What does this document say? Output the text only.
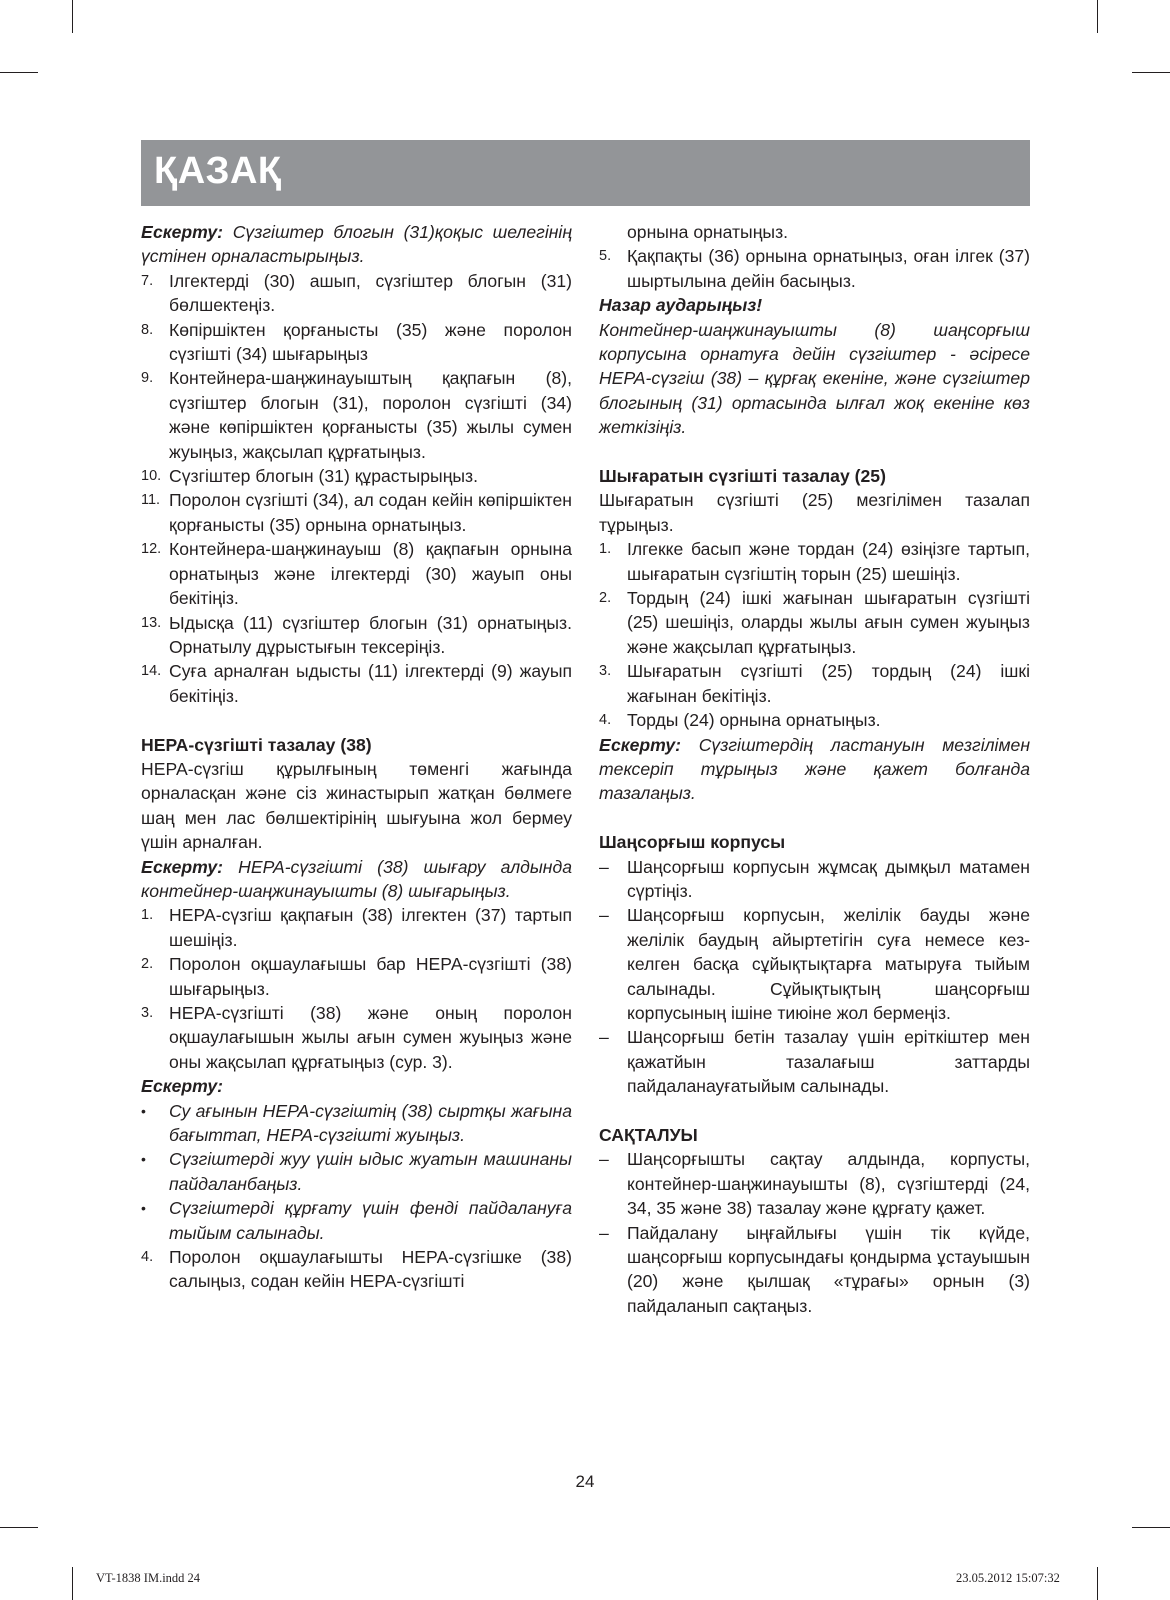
ҚАЗАҚ
Ескерту: Сүзгіштер блогын (31)қоқыс шелегінің үстінен орналастырыңыз.
7. Ілгектерді (30) ашып, сүзгіштер блогын (31) бөлшектеңіз.
8. Көпіршіктен қорғанысты (35) және поролон сүзгішті (34) шығарыңыз
9. Контейнера-шаңжинауыштың қақпағын (8), сүзгіштер блогын (31), поролон сүзгішті (34) және көпіршіктен қорғанысты (35) жылы сумен жуыңыз, жақсылап құрғатыңыз.
10. Сүзгіштер блогын (31) құрастырыңыз.
11. Поролон сүзгішті (34), ал содан кейін көпіршіктен қорғанысты (35) орнына орнатыңыз.
12. Контейнера-шаңжинауыш (8) қақпағын орнына орнатыңыз және ілгектерді (30) жауып оны бекітіңіз.
13. Ыдысқа (11) сүзгіштер блогын (31) орнатыңыз. Орнатылу дұрыстығын тексеріңіз.
14. Суға арналған ыдысты (11) ілгектерді (9) жауып бекітіңіз.
НЕРА-сүзгішті тазалау (38)
НЕРА-сүзгіш құрылғының төменгі жағында орналасқан және сіз жинастырып жатқан бөлмеге шаң мен лас бөлшектірінің шығуына жол бермеу үшін арналған.
Ескерту: НЕРА-сүзгішті (38) шығару алдында контейнер-шаңжинауышты (8) шығарыңыз.
1. НЕРА-сүзгіш қақпағын (38) ілгектен (37) тартып шешіңіз.
2. Поролон оқшаулағышы бар НЕРА-сүзгішті (38) шығарыңыз.
3. НЕРА-сүзгішті (38) және оның поролон оқшаулағышын жылы ағын сумен жуыңыз және оны жақсылап құрғатыңыз (сур. 3).
Ескерту:
•	Су ағынын НЕРА-сүзгіштің (38) сыртқы жағына бағыттап, НЕРА-сүзгішті жуыңыз.
•	Сүзгіштерді жуу үшін ыдыс жуатын машинаны пайдаланбаңыз.
•	Сүзгіштерді құрғату үшін фенді пайдалануға тыйым салынады.
4. Поролон оқшаулағышты НЕРА-сүзгішке (38) салыңыз, содан кейін НЕРА-сүзгішті
орнына орнатыңыз.
5. Қақпақты (36) орнына орнатыңыз, оған ілгек (37) шыртылына дейін басыңыз.
Назар аударыңыз!
Контейнер-шаңжинауышты (8) шаңсорғыш корпусына орнатуға дейін сүзгіштер - әсіресе НЕРА-сүзгіш (38) – құрғақ екеніне, және сүзгіштер блогының (31) ортасында ылғал жоқ екеніне көз жеткізіңіз.
Шығаратын сүзгішті тазалау (25)
Шығаратын сүзгішті (25) мезгілімен тазалап тұрыңыз.
1. Ілгекке басып және тордан (24) өзіңізге тартып, шығаратын сүзгіштің торын (25) шешіңіз.
2. Тордың (24) ішкі жағынан шығаратын сүзгішті (25) шешіңіз, оларды жылы ағын сумен жуыңыз және жақсылап құрғатыңыз.
3. Шығаратын сүзгішті (25) тордың (24) ішкі жағынан бекітіңіз.
4. Торды (24) орнына орнатыңыз.
Ескерту: Сүзгіштердің ластануын мезгілімен тексеріп тұрыңыз және қажет болғанда тазалаңыз.
Шаңсорғыш корпусы
–	Шаңсорғыш корпусын жұмсақ дымқыл матамен сүртіңіз.
–	Шаңсорғыш корпусын, желілік бауды және желілік баудың айыртетігін суға немесе кез-келген басқа сұйықтықтарға матыруға тыйым салынады. Сұйықтықтың шаңсорғыш корпусының ішіне тиюіне жол бермеңіз.
–	Шаңсорғыш бетін тазалау үшін еріткіштер мен қажатйын тазалағыш заттарды пайдаланауғатыйым салынады.
САҚТАЛУЫ
–	Шаңсорғышты сақтау алдында, корпусты, контейнер-шаңжинауышты (8), сүзгіштерді (24, 34, 35 және 38) тазалау және құрғату қажет.
–	Пайдалану ыңғайлығы үшін тік күйде, шаңсорғыш корпусындағы қондырма ұстауышын (20) және қылшақ «тұрағы» орнын (3) пайдаланып сақтаңыз.
24
VT-1838 IM.indd 24	23.05.2012 15:07:32
